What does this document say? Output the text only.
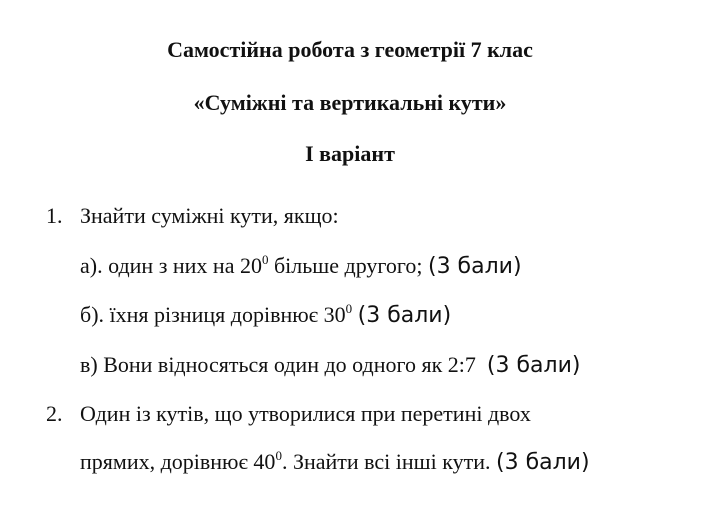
Самостійна робота з геометрії 7 клас
«Суміжні та вертикальні кути»
І варіант
1. Знайти суміжні кути, якщо:
а). один з них на $20^0$ більше другого; (3 бали)
б). їхня різниця дорівнює $30^0$ (3 бали)
в) Вони відносяться один до одного як 2:7 (3 бали)
2. Один із кутів, що утворилися при перетині двох
прямих, дорівнює $40^0$. Знайти всі інші кути. (3 бали)
